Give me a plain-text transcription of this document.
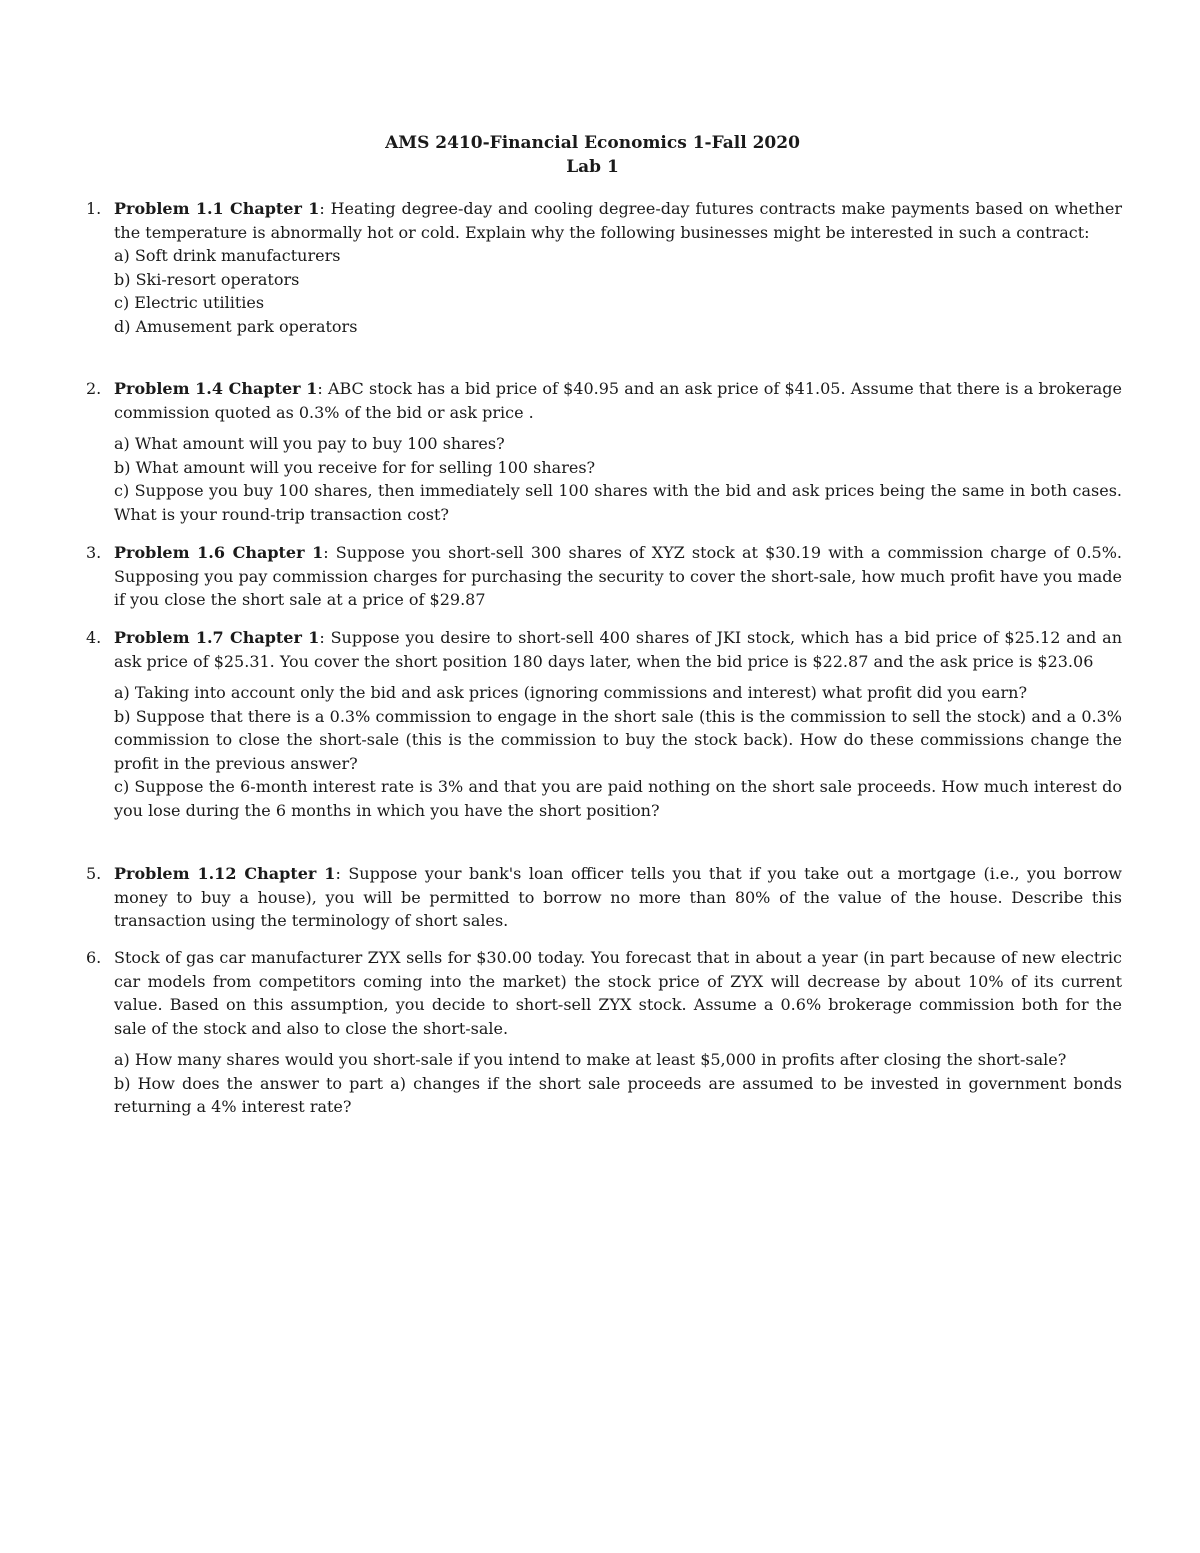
AMS 2410-Financial Economics 1-Fall 2020
Lab 1
1. Problem 1.1 Chapter 1: Heating degree-day and cooling degree-day futures contracts make payments based on whether the temperature is abnormally hot or cold. Explain why the following businesses might be interested in such a contract:

a) Soft drink manufacturers

b) Ski-resort operators

c) Electric utilities

d) Amusement park operators

2. Problem 1.4 Chapter 1: ABC stock has a bid price of $40.95 and an ask price of $41.05. Assume that there is a brokerage commission quoted as 0.3% of the bid or ask price .

a) What amount will you pay to buy 100 shares?

b) What amount will you receive for for selling 100 shares?

c) Suppose you buy 100 shares, then immediately sell 100 shares with the bid and ask prices being the same in both cases. What is your round-trip transaction cost?

3. Problem 1.6 Chapter 1: Suppose you short-sell 300 shares of XYZ stock at $30.19 with a commission charge of 0.5%. Supposing you pay commission charges for purchasing the security to cover the short-sale, how much profit have you made if you close the short sale at a price of $29.87

4. Problem 1.7 Chapter 1: Suppose you desire to short-sell 400 shares of JKI stock, which has a bid price of $25.12 and an ask price of $25.31. You cover the short position 180 days later, when the bid price is $22.87 and the ask price is $23.06

a) Taking into account only the bid and ask prices (ignoring commissions and interest) what profit did you earn?

b) Suppose that there is a 0.3% commission to engage in the short sale (this is the commission to sell the stock) and a 0.3% commission to close the short-sale (this is the commission to buy the stock back). How do these commissions change the profit in the previous answer?

c) Suppose the 6-month interest rate is 3% and that you are paid nothing on the short sale proceeds. How much interest do you lose during the 6 months in which you have the short position?

5. Problem 1.12 Chapter 1: Suppose your bank's loan officer tells you that if you take out a mortgage (i.e., you borrow money to buy a house), you will be permitted to borrow no more than 80% of the value of the house. Describe this transaction using the terminology of short sales.

6. Stock of gas car manufacturer ZYX sells for $30.00 today. You forecast that in about a year (in part because of new electric car models from competitors coming into the market) the stock price of ZYX will decrease by about 10% of its current value. Based on this assumption, you decide to short-sell ZYX stock. Assume a 0.6% brokerage commission both for the sale of the stock and also to close the short-sale.

a) How many shares would you short-sale if you intend to make at least $5,000 in profits after closing the short-sale?

b) How does the answer to part a) changes if the short sale proceeds are assumed to be invested in government bonds returning a 4% interest rate?
